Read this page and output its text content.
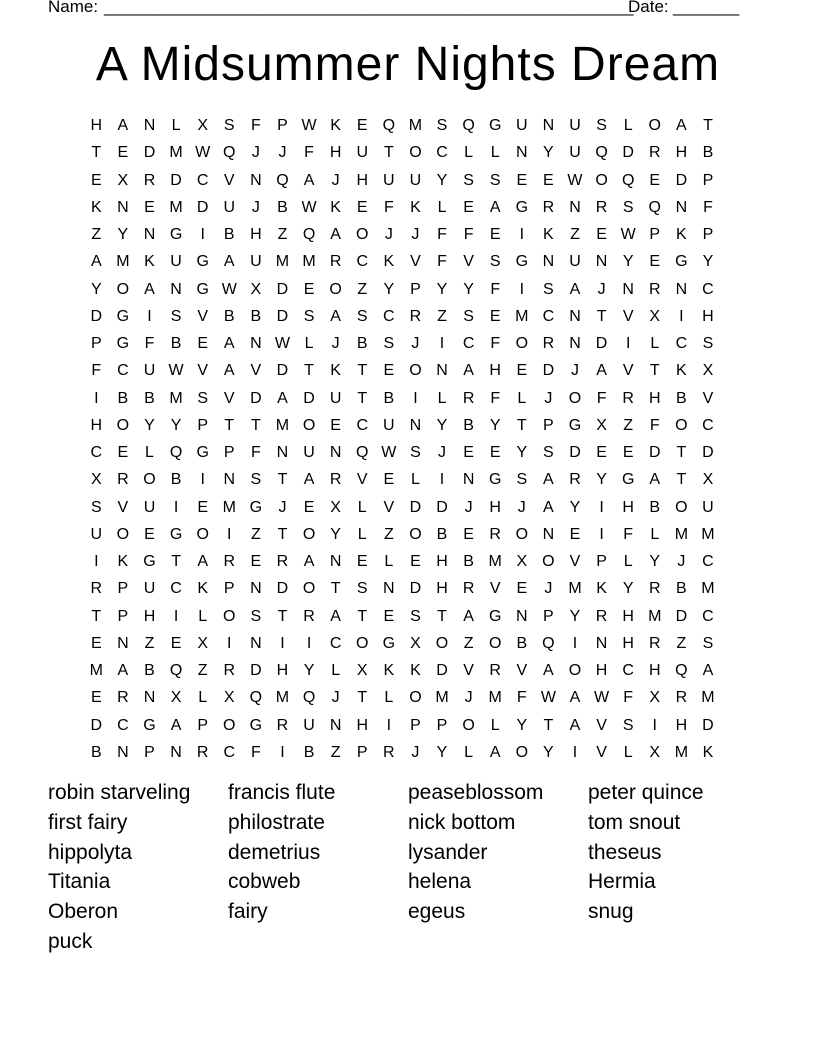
Name: ________________________________________________________
Date: _______
A Midsummer Nights Dream
H A N	L	X S	F	P W K E Q M S Q G U N U S	L O A	T
T	E D M W Q	J	J	F H U T O C	L	L	N Y U Q D R H B
E X R D C V N Q A	J	H U U Y S S E E W O Q E D P
K N E M D U	J	B W K E	F	K	L	E A G R N R S Q N F
Z	Y N G	I	B H Z Q A O	J	J	F	F	E	I	K	Z	E W P K P
A M K U G A U M M R C K V	F	V S G N U N Y E G Y
Y O A N G W X D E O Z	Y P Y Y	F	I	S A	J	N R N C
D G	I	S V B B D S A S C R Z	S E M C N T	V X	I	H
P G F	B E A N W L	J	B S	J	I	C F O R N D	I	L	C S
F C U W V A V D T	K	T	E O N A H E D	J	A V	T	K X
I	B B M S V D A D U T	B	I	L	R F	L	J	O F R H B V
H O Y Y P	T	T M O E C U N Y B Y	T	P G X	Z	F O C
C E	L Q G P	F N U N Q W S	J	E E Y S D E E D T D
X R O B	I	N S	T	A R V E	L	I	N G S A R Y G A	T	X
S V U	I	E M G	J	E X	L	V D D	J	H	J	A Y	I	H B O U
U O E G O	I	Z	T O Y	L	Z O B E R O N E	I	F	L M M
I	K G T	A R E R A N E	L	E H B M X O V P	L	Y	J	C
R P U C K P N D O T	S N D H R V E	J M K Y R B M
T	P H	I	L O S	T R A	T	E S	T	A G N P Y R H M D C
E N Z	E X	I	N	I	I	C O G X O Z O B Q	I	N H R Z	S
M A B Q Z R D H Y	L	X K K D V R V A O H C H Q A
E R N X	L	X Q M Q	J	T	L O M J M F W A W F	X R M
D C G A P O G R U N H	I	P P O L	Y	T	A V S	I	H D
B N P N R C F	I	B	Z	P R	J	Y	L	A O Y	I	V	L	X M K
robin starveling	francis flute	peaseblossom	peter quince
first fairy	philostrate	nick bottom	tom snout
hippolyta	demetrius	lysander	theseus
Titania	cobweb	helena	Hermia
Oberon	fairy	egeus	snug
puck
